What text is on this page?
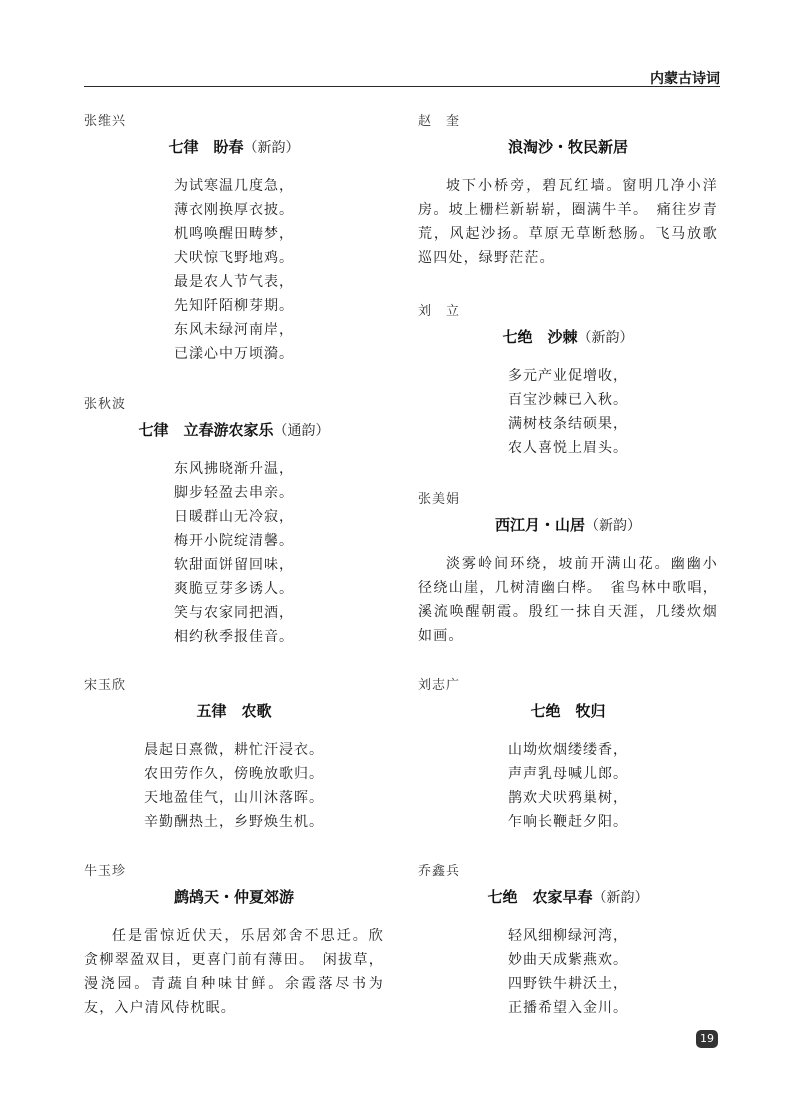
内蒙古诗词
张维兴
七律　盼春（新韵）
为试寒温几度急，
薄衣刚换厚衣披。
机鸣唤醒田畴梦，
犬吠惊飞野地鸡。
最是农人节气表，
先知阡陌柳芽期。
东风未绿河南岸，
已漾心中万顷漪。
张秋波
七律　立春游农家乐（通韵）
东风拂晓渐升温，
脚步轻盈去串亲。
日暖群山无冷寂，
梅开小院绽清馨。
软甜面饼留回味，
爽脆豆芽多诱人。
笑与农家同把酒，
相约秋季报佳音。
宋玉欣
五律　农歌
晨起日熹微，耕忙汗浸衣。
农田劳作久，傍晚放歌归。
天地盈佳气，山川沐落晖。
辛勤酬热土，乡野焕生机。
牛玉珍
鹧鸪天・仲夏郊游
任是雷惊近伏天，乐居郊舍不思迁。欣贪柳翠盈双目，更喜门前有薄田。　闲拔草，漫浇园。青蔬自种味甘鲜。余霞落尽书为友，入户清风侍枕眠。
赵　奎
浪淘沙・牧民新居
坡下小桥旁，碧瓦红墙。窗明几净小洋房。坡上栅栏新崭崭，圈满牛羊。　痛往岁青荒，风起沙扬。草原无草断愁肠。飞马放歌巡四处，绿野茫茫。
刘　立
七绝　沙棘（新韵）
多元产业促增收，
百宝沙棘已入秋。
满树枝条结硕果，
农人喜悦上眉头。
张美娟
西江月・山居（新韵）
淡雾岭间环绕，坡前开满山花。幽幽小径绕山崖，几树清幽白桦。　雀鸟林中歌唱，溪流唤醒朝霞。殷红一抹自天涯，几缕炊烟如画。
刘志广
七绝　牧归
山坳炊烟缕缕香，
声声乳母喊儿郎。
鹊欢犬吠鸦巢树，
乍响长鞭赶夕阳。
乔鑫兵
七绝　农家早春（新韵）
轻风细柳绿河湾，
妙曲天成紫燕欢。
四野铁牛耕沃土，
正播希望入金川。
19
